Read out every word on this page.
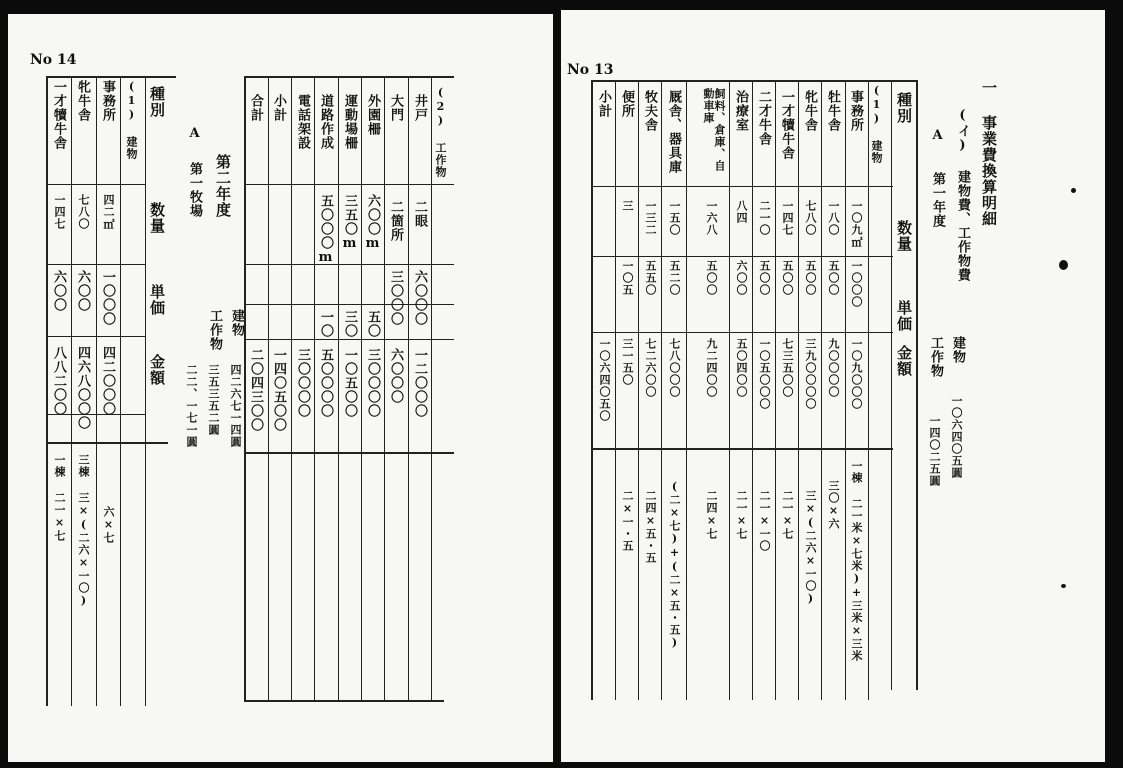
No 14
種別
数量
単価
金額
(1) 建物
事務所
四二㎡
一〇〇〇
四二〇〇〇
六×七
牝牛舎
七八〇
六〇〇
四六八〇〇〇
三棟 三×(二六×一〇)
一才犢牛舎
一四七
六〇〇
八八二〇〇
一棟 二一×七
第二年度
A
第一牧場
建物
四二六七一四圓
工作物
三五三五二圓
二二、一七一圓
(2) 工作物
井戸
二眼
六〇〇〇
一二〇〇〇
大門
二箇所
三〇〇〇
六〇〇〇
外園柵
六〇〇m
五〇
三〇〇〇〇
運動場柵
三五〇m
三〇
一〇五〇〇
道路作成
五〇〇〇m
一〇
五〇〇〇〇
電話架設
三〇〇〇〇
小計
一四〇五〇〇
合計
二〇四三〇〇
No 13
一 事業費換算明細
(イ) 建物費、工作物費
A
第一年度
建物
一〇六四〇五圓
工作物
一四〇二五圓
種別
数量
単価
金額
(1) 建物
事務所
一〇九㎡
一〇〇〇
一〇九〇〇〇
一棟 二一米×七米)+三米×三米
牡牛舎
一八〇
五〇〇
九〇〇〇〇
三〇×六
牝牛舎
七八〇
五〇〇
三九〇〇〇〇
三×(二六×一〇)
一才犢牛舎
一四七
五〇〇
七三五〇〇
二一×七
二才牛舎
二一〇
五〇〇
一〇五〇〇〇
二一×一〇
治療室
八四
六〇〇
五〇四〇〇
二一×七
飼料、倉庫、自動車庫
一六八
五〇〇
九二四〇〇
二四×七
厩舎、器具庫
一五〇
五二〇
七八〇〇〇
(二×七)+(二×五・五)
牧夫舎
一三二
五五〇
七二六〇〇
二四×五・五
便所
三
一〇五
三一五〇
二×一・五
小計
一〇六四〇五〇
